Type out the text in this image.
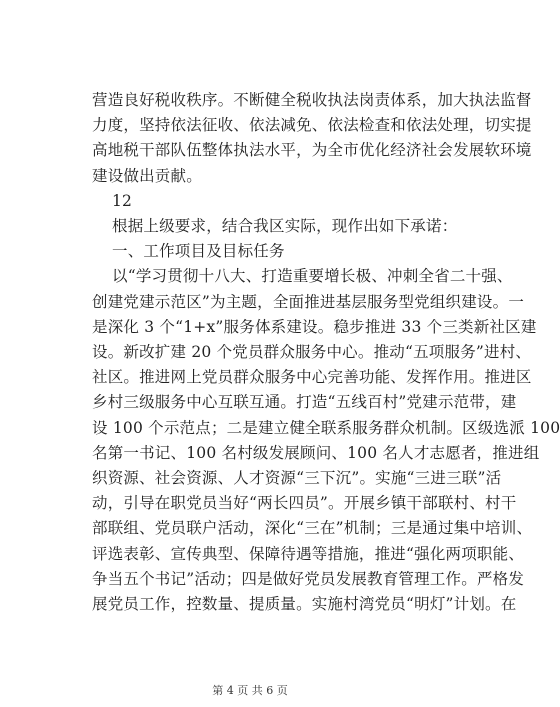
营造良好税收秩序。不断健全税收执法岗责体系，加大执法监督
力度，坚持依法征收、依法减免、依法检查和依法处理，切实提
高地税干部队伍整体执法水平，为全市优化经济社会发展软环境
建设做出贡献。
12
根据上级要求，结合我区实际，现作出如下承诺：
一、工作项目及目标任务
以“学习贯彻十八大、打造重要增长极、冲刺全省二十强、
创建党建示范区”为主题，全面推进基层服务型党组织建设。一
是深化 3 个“1+x”服务体系建设。稳步推进 33 个三类新社区建
设。新改扩建 20 个党员群众服务中心。推动“五项服务”进村、
社区。推进网上党员群众服务中心完善功能、发挥作用。推进区
乡村三级服务中心互联互通。打造“五线百村”党建示范带，建
设 100 个示范点；二是建立健全联系服务群众机制。区级选派 100
名第一书记、100 名村级发展顾问、100 名人才志愿者，推进组
织资源、社会资源、人才资源“三下沉”。实施“三进三联”活
动，引导在职党员当好“两长四员”。开展乡镇干部联村、村干
部联组、党员联户活动，深化“三在”机制；三是通过集中培训、
评选表彰、宣传典型、保障待遇等措施，推进“强化两项职能、
争当五个书记”活动；四是做好党员发展教育管理工作。严格发
展党员工作，控数量、提质量。实施村湾党员“明灯”计划。在
第 4 页 共 6 页
